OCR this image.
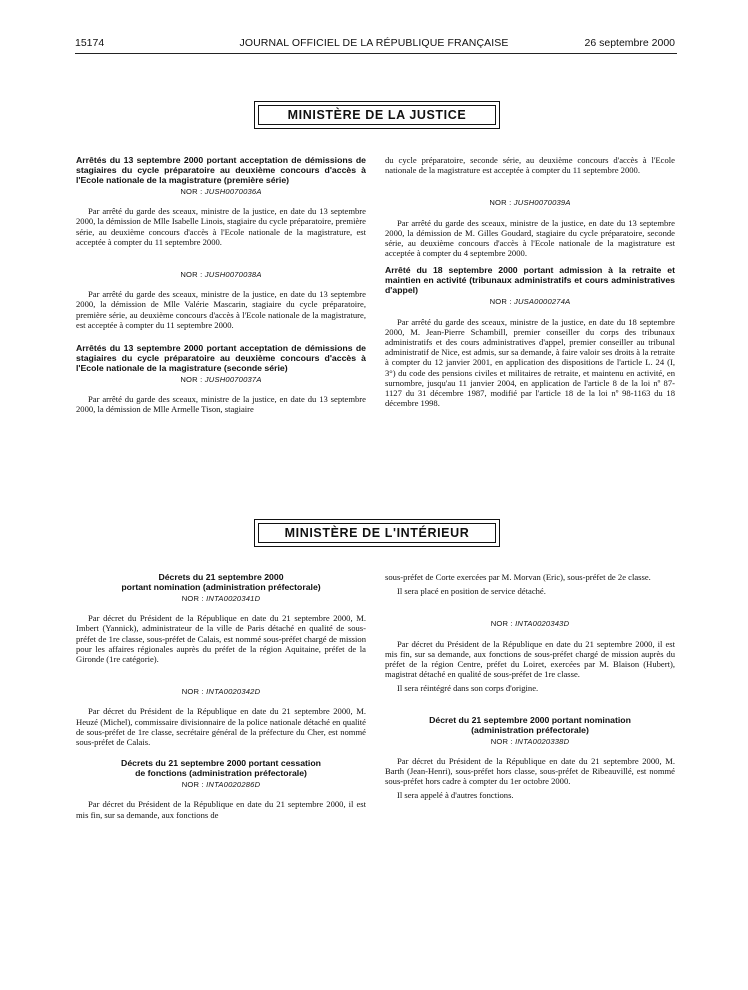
15174	JOURNAL OFFICIEL DE LA RÉPUBLIQUE FRANÇAISE	26 septembre 2000
MINISTÈRE DE LA JUSTICE

Arrêtés du 13 septembre 2000 portant acceptation de démissions de stagiaires du cycle préparatoire au deuxième concours d'accès à l'Ecole nationale de la magistrature (première série)

NOR : JUSH0070036A

Par arrêté du garde des sceaux, ministre de la justice, en date du 13 septembre 2000, la démission de Mlle Isabelle Linois, stagiaire du cycle préparatoire, première série, au deuxième concours d'accès à l'Ecole nationale de la magistrature, est acceptée à compter du 11 septembre 2000.

NOR : JUSH0070038A

Par arrêté du garde des sceaux, ministre de la justice, en date du 13 septembre 2000, la démission de Mlle Valérie Mascarin, stagiaire du cycle préparatoire, première série, au deuxième concours d'accès à l'Ecole nationale de la magistrature, est acceptée à compter du 11 septembre 2000.

Arrêtés du 13 septembre 2000 portant acceptation de démissions de stagiaires du cycle préparatoire au deuxième concours d'accès à l'Ecole nationale de la magistrature (seconde série)

NOR : JUSH0070037A

Par arrêté du garde des sceaux, ministre de la justice, en date du 13 septembre 2000, la démission de Mlle Armelle Tison, stagiaire

du cycle préparatoire, seconde série, au deuxième concours d'accès à l'Ecole nationale de la magistrature est acceptée à compter du 11 septembre 2000.

NOR : JUSH0070039A

Par arrêté du garde des sceaux, ministre de la justice, en date du 13 septembre 2000, la démission de M. Gilles Goudard, stagiaire du cycle préparatoire, seconde série, au deuxième concours d'accès à l'Ecole nationale de la magistrature est acceptée à compter du 4 septembre 2000.

Arrêté du 18 septembre 2000 portant admission à la retraite et maintien en activité (tribunaux administratifs et cours administratives d'appel)

NOR : JUSA0000274A

Par arrêté du garde des sceaux, ministre de la justice, en date du 18 septembre 2000, M. Jean-Pierre Schambill, premier conseiller du corps des tribunaux administratifs et des cours administratives d'appel, premier conseiller au tribunal administratif de Nice, est admis, sur sa demande, à faire valoir ses droits à la retraite à compter du 12 janvier 2001, en application des dispositions de l'article L. 24 (I, 3°) du code des pensions civiles et militaires de retraite, et maintenu en activité, en surnombre, jusqu'au 11 janvier 2004, en application de l'article 8 de la loi nº 87-1127 du 31 décembre 1987, modifié par l'article 18 de la loi nº 98-1163 du 18 décembre 1998.

MINISTÈRE DE L'INTÉRIEUR

Décrets du 21 septembre 2000
portant nomination (administration préfectorale)

NOR : INTA0020341D

Par décret du Président de la République en date du 21 septembre 2000, M. Imbert (Yannick), administrateur de la ville de Paris détaché en qualité de sous-préfet de 1re classe, sous-préfet de Calais, est nommé sous-préfet chargé de mission pour les affaires régionales auprès du préfet de la région Aquitaine, préfet de la Gironde (1re catégorie).

NOR : INTA0020342D

Par décret du Président de la République en date du 21 septembre 2000, M. Heuzé (Michel), commissaire divisionnaire de la police nationale détaché en qualité de sous-préfet de 1re classe, secrétaire général de la préfecture du Cher, est nommé sous-préfet de Calais.

Décrets du 21 septembre 2000 portant cessation
de fonctions (administration préfectorale)

NOR : INTA0020286D

Par décret du Président de la République en date du 21 septembre 2000, il est mis fin, sur sa demande, aux fonctions de

sous-préfet de Corte exercées par M. Morvan (Eric), sous-préfet de 2e classe.

Il sera placé en position de service détaché.

NOR : INTA0020343D

Par décret du Président de la République en date du 21 septembre 2000, il est mis fin, sur sa demande, aux fonctions de sous-préfet chargé de mission auprès du préfet de la région Centre, préfet du Loiret, exercées par M. Blaison (Hubert), magistrat détaché en qualité de sous-préfet de 1re classe.

Il sera réintégré dans son corps d'origine.

Décret du 21 septembre 2000 portant nomination
(administration préfectorale)

NOR : INTA0020338D

Par décret du Président de la République en date du 21 septembre 2000, M. Barth (Jean-Henri), sous-préfet hors classe, sous-préfet de Ribeauvillé, est nommé sous-préfet hors cadre à compter du 1er octobre 2000.

Il sera appelé à d'autres fonctions.
